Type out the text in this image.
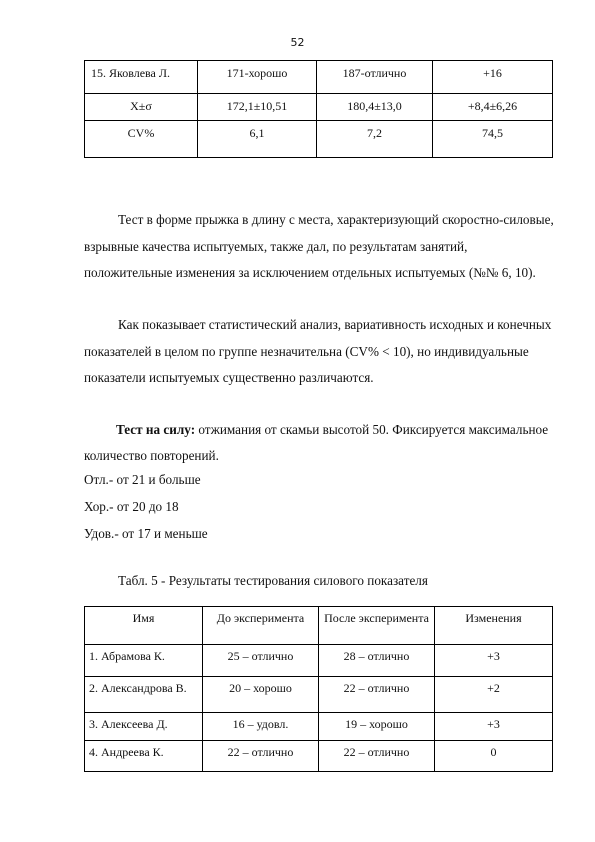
52
15. Яковлева Л.	171-хорошо	187-отлично	+16
X±σ	172,1±10,51	180,4±13,0	+8,4±6,26
CV%	6,1	7,2	74,5
Тест в форме прыжка в длину с места, характеризующий скоростно-силовые, взрывные качества испытуемых, также дал, по результатам занятий, положительные изменения за исключением отдельных испытуемых (№№ 6, 10).
Как показывает статистический анализ, вариативность исходных и конечных показателей в целом по группе незначительна (CV% < 10), но индивидуальные показатели испытуемых существенно различаются.
Тест на силу: отжимания от скамьи высотой 50. Фиксируется максимальное количество повторений.
Отл.- от 21 и больше
Хор.- от 20 до 18
Удов.- от 17 и меньше
Табл. 5 - Результаты тестирования силового показателя
Имя	До эксперимента	После эксперимента	Изменения
1. Абрамова К.	25 – отлично	28 – отлично	+3
2. Александрова В.	20 – хорошо	22 – отлично	+2
3. Алексеева Д.	16 – удовл.	19 – хорошо	+3
4. Андреева К.	22 – отлично	22 – отлично	0
